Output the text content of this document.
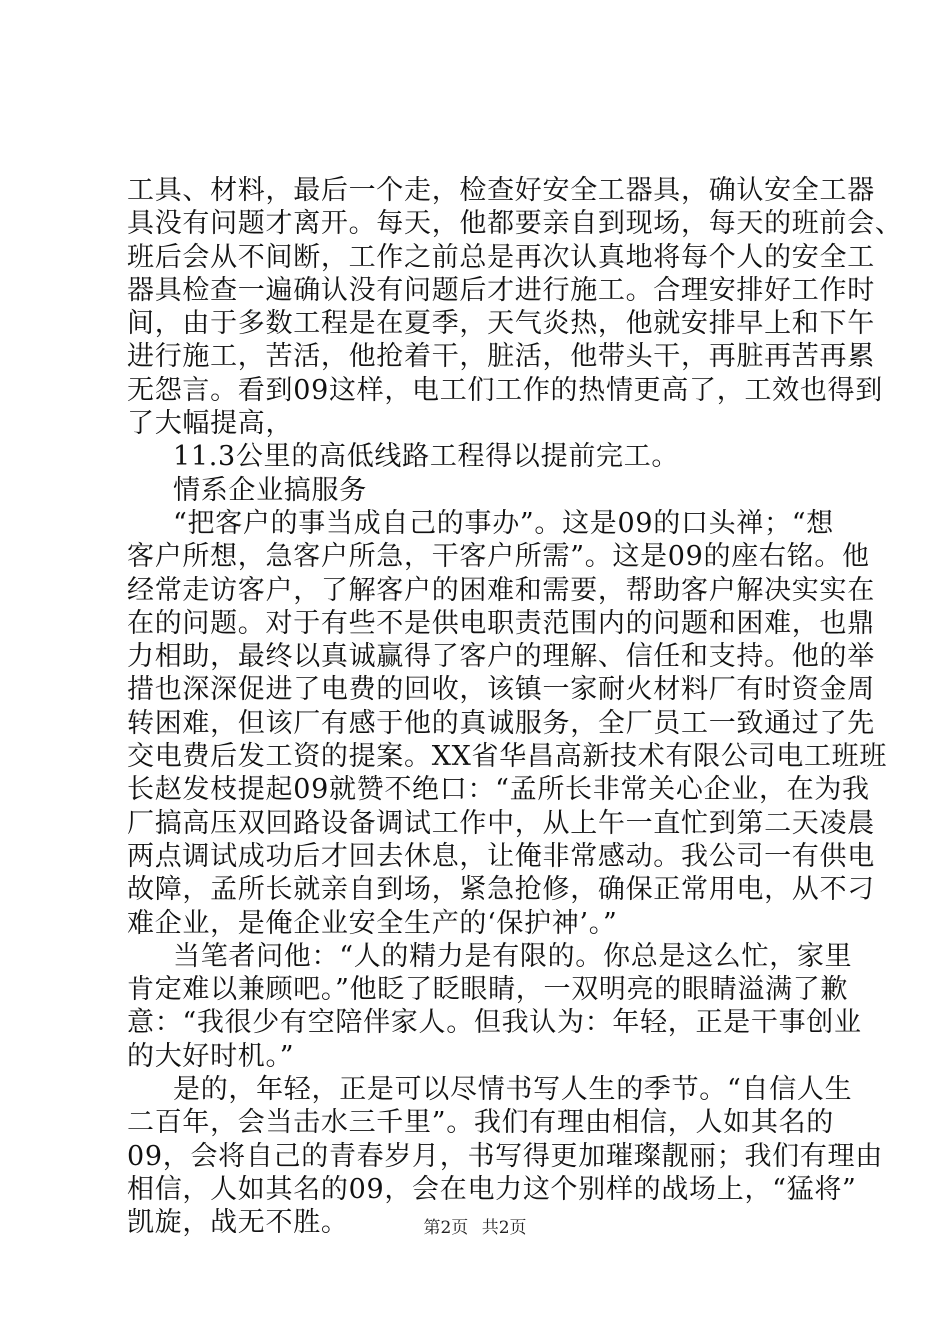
工具、材料，最后一个走，检查好安全工器具，确认安全工器
具没有问题才离开。每天，他都要亲自到现场，每天的班前会、
班后会从不间断，工作之前总是再次认真地将每个人的安全工
器具检查一遍确认没有问题后才进行施工。合理安排好工作时
间，由于多数工程是在夏季，天气炎热，他就安排早上和下午
进行施工，苦活，他抢着干，脏活，他带头干，再脏再苦再累
无怨言。看到09这样，电工们工作的热情更高了，工效也得到
了大幅提高，
11.3公里的高低线路工程得以提前完工。
情系企业搞服务
“把客户的事当成自己的事办”。这是09的口头禅；“想
客户所想，急客户所急，干客户所需”。这是09的座右铭。他
经常走访客户，了解客户的困难和需要，帮助客户解决实实在
在的问题。对于有些不是供电职责范围内的问题和困难，也鼎
力相助，最终以真诚赢得了客户的理解、信任和支持。他的举
措也深深促进了电费的回收，该镇一家耐火材料厂有时资金周
转困难，但该厂有感于他的真诚服务，全厂员工一致通过了先
交电费后发工资的提案。XX省华昌高新技术有限公司电工班班
长赵发枝提起09就赞不绝口：“孟所长非常关心企业，在为我
厂搞高压双回路设备调试工作中，从上午一直忙到第二天凌晨
两点调试成功后才回去休息，让俺非常感动。我公司一有供电
故障，孟所长就亲自到场，紧急抢修，确保正常用电，从不刁
难企业，是俺企业安全生产的‘保护神’。”
当笔者问他：“人的精力是有限的。你总是这么忙，家里
肯定难以兼顾吧。”他眨了眨眼睛，一双明亮的眼睛溢满了歉
意：“我很少有空陪伴家人。但我认为：年轻，正是干事创业
的大好时机。”
是的，年轻，正是可以尽情书写人生的季节。“自信人生
二百年，会当击水三千里”。我们有理由相信，人如其名的
09，会将自己的青春岁月，书写得更加璀璨靓丽；我们有理由
相信，人如其名的09，会在电力这个别样的战场上，“猛将”
凯旋，战无不胜。	第2页 共2页
